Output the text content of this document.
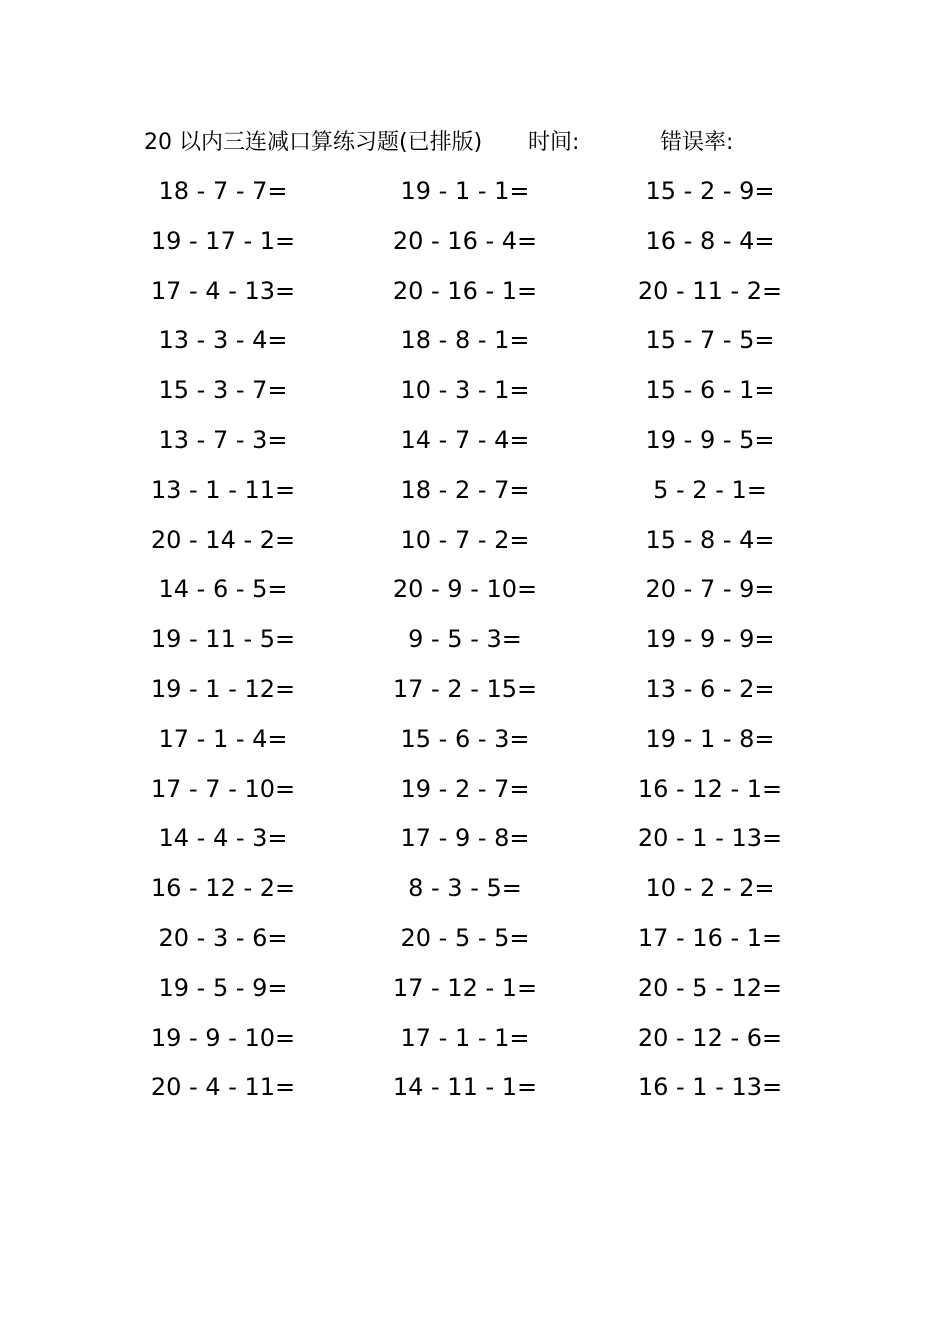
20 以内三连减口算练习题(已排版) 时间:	错误率:
18 - 7 - 7=	19 - 1 - 1=	15 - 2 - 9=
19 - 17 - 1=	20 - 16 - 4=	16 - 8 - 4=
17 - 4 - 13=	20 - 16 - 1=	20 - 11 - 2=
13 - 3 - 4=	18 - 8 - 1=	15 - 7 - 5=
15 - 3 - 7=	10 - 3 - 1=	15 - 6 - 1=
13 - 7 - 3=	14 - 7 - 4=	19 - 9 - 5=
13 - 1 - 11=	18 - 2 - 7=	5 - 2 - 1=
20 - 14 - 2=	10 - 7 - 2=	15 - 8 - 4=
14 - 6 - 5=	20 - 9 - 10=	20 - 7 - 9=
19 - 11 - 5=	9 - 5 - 3=	19 - 9 - 9=
19 - 1 - 12=	17 - 2 - 15=	13 - 6 - 2=
17 - 1 - 4=	15 - 6 - 3=	19 - 1 - 8=
17 - 7 - 10=	19 - 2 - 7=	16 - 12 - 1=
14 - 4 - 3=	17 - 9 - 8=	20 - 1 - 13=
16 - 12 - 2=	8 - 3 - 5=	10 - 2 - 2=
20 - 3 - 6=	20 - 5 - 5=	17 - 16 - 1=
19 - 5 - 9=	17 - 12 - 1=	20 - 5 - 12=
19 - 9 - 10=	17 - 1 - 1=	20 - 12 - 6=
20 - 4 - 11=	14 - 11 - 1=	16 - 1 - 13=
